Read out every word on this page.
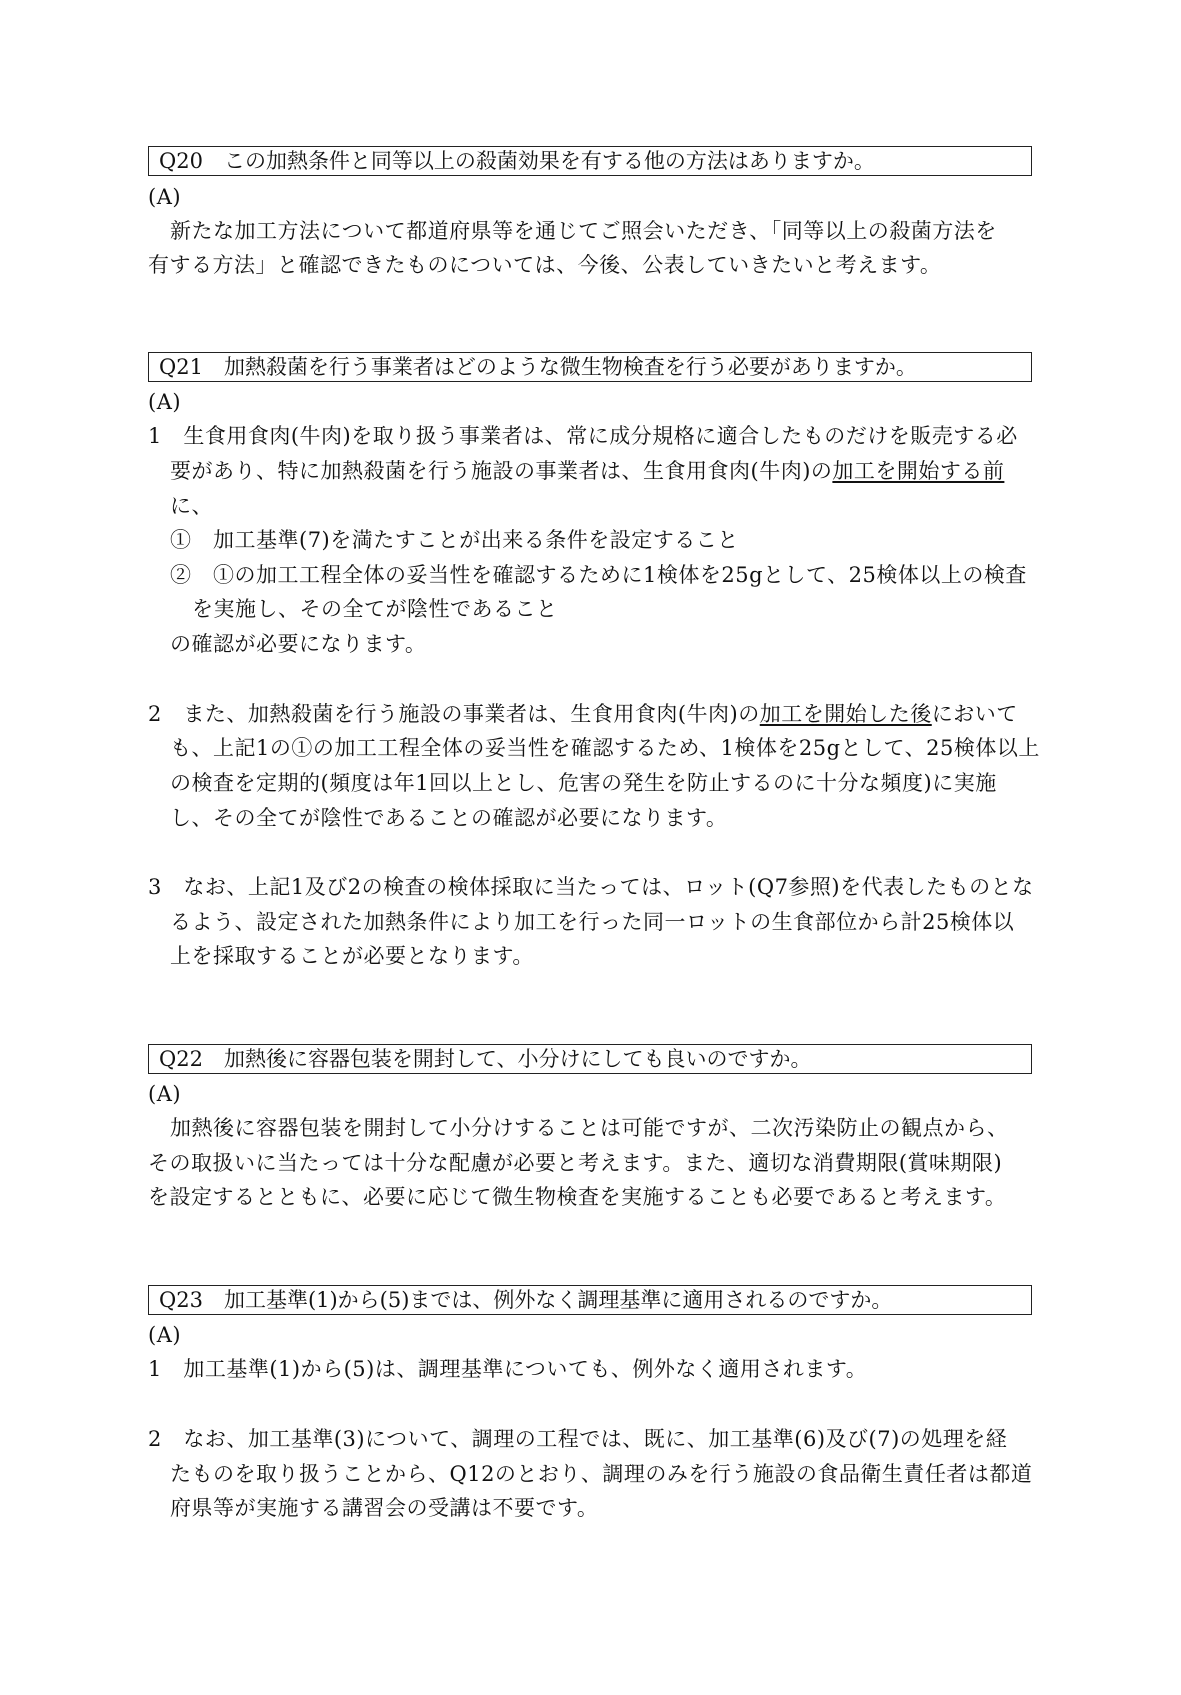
Q20　この加熱条件と同等以上の殺菌効果を有する他の方法はありますか。
(A)
新たな加工方法について都道府県等を通じてご照会いただき、「同等以上の殺菌方法を
有する方法」と確認できたものについては、今後、公表していきたいと考えます。
Q21　加熱殺菌を行う事業者はどのような微生物検査を行う必要がありますか。
(A)
1　生食用食肉(牛肉)を取り扱う事業者は、常に成分規格に適合したものだけを販売する必
要があり、特に加熱殺菌を行う施設の事業者は、生食用食肉(牛肉)の加工を開始する前
に、
①　加工基準(7)を満たすことが出来る条件を設定すること
②　①の加工工程全体の妥当性を確認するために1検体を25gとして、25検体以上の検査
を実施し、その全てが陰性であること
の確認が必要になります。
2　また、加熱殺菌を行う施設の事業者は、生食用食肉(牛肉)の加工を開始した後において
も、上記1の①の加工工程全体の妥当性を確認するため、1検体を25gとして、25検体以上
の検査を定期的(頻度は年1回以上とし、危害の発生を防止するのに十分な頻度)に実施
し、その全てが陰性であることの確認が必要になります。
3　なお、上記1及び2の検査の検体採取に当たっては、ロット(Q7参照)を代表したものとな
るよう、設定された加熱条件により加工を行った同一ロットの生食部位から計25検体以
上を採取することが必要となります。
Q22　加熱後に容器包装を開封して、小分けにしても良いのですか。
(A)
加熱後に容器包装を開封して小分けすることは可能ですが、二次汚染防止の観点から、
その取扱いに当たっては十分な配慮が必要と考えます。また、適切な消費期限(賞味期限)
を設定するとともに、必要に応じて微生物検査を実施することも必要であると考えます。
Q23　加工基準(1)から(5)までは、例外なく調理基準に適用されるのですか。
(A)
1　加工基準(1)から(5)は、調理基準についても、例外なく適用されます。
2　なお、加工基準(3)について、調理の工程では、既に、加工基準(6)及び(7)の処理を経
たものを取り扱うことから、Q12のとおり、調理のみを行う施設の食品衛生責任者は都道
府県等が実施する講習会の受講は不要です。
